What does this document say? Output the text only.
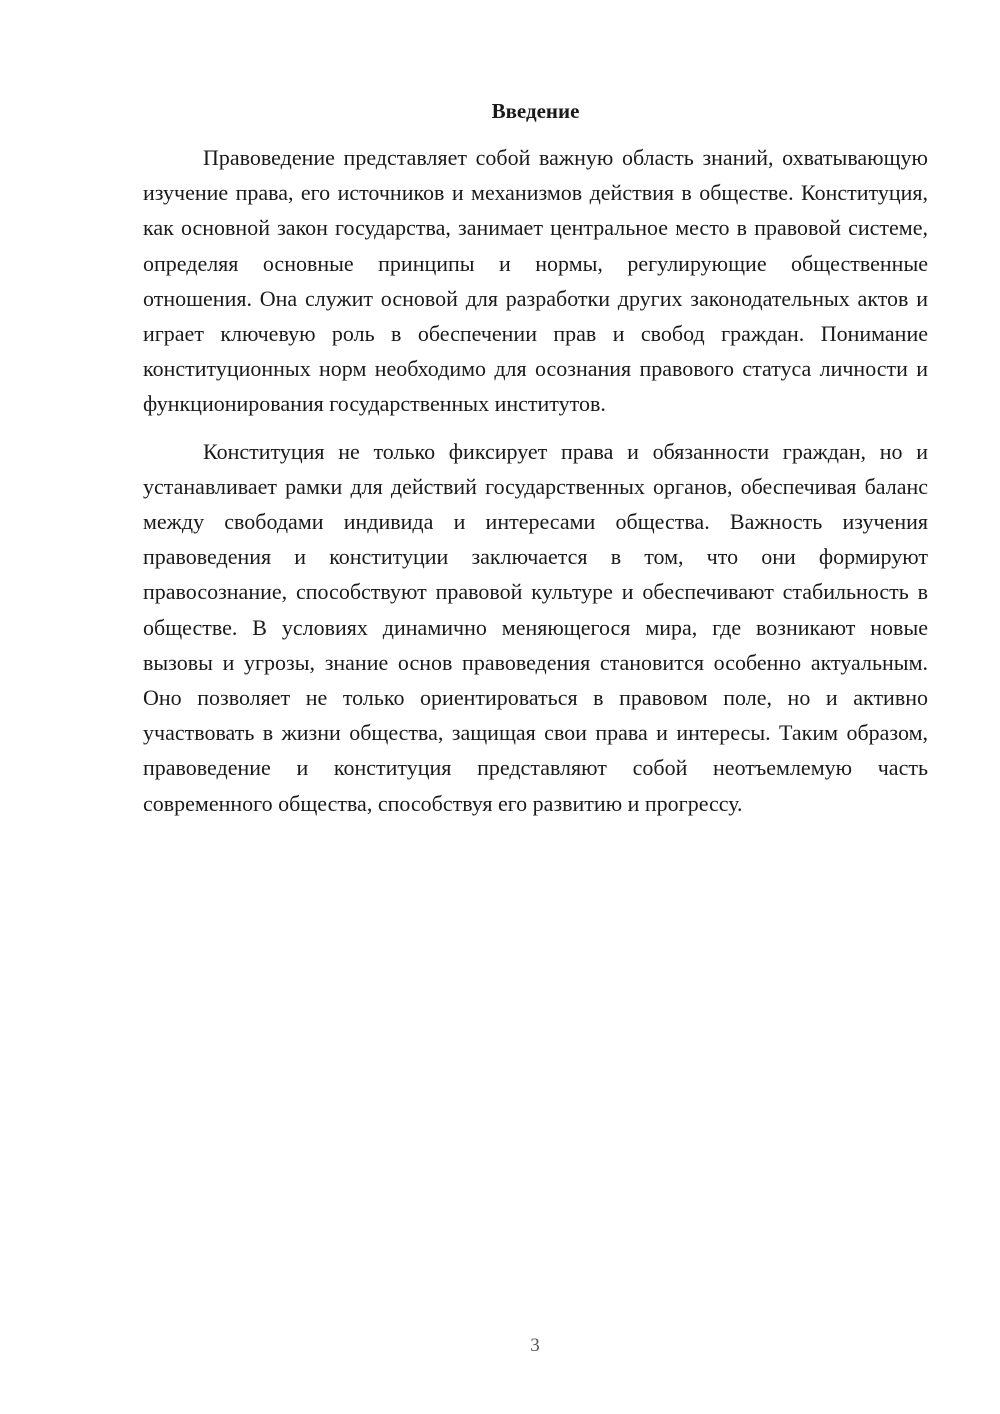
Введение

Правоведение представляет собой важную область знаний, охватывающую изучение права, его источников и механизмов действия в обществе. Конституция, как основной закон государства, занимает центральное место в правовой системе, определяя основные принципы и нормы, регулирующие общественные отношения. Она служит основой для разработки других законодательных актов и играет ключевую роль в обеспечении прав и свобод граждан. Понимание конституционных норм необходимо для осознания правового статуса личности и функционирования государственных институтов.

Конституция не только фиксирует права и обязанности граждан, но и устанавливает рамки для действий государственных органов, обеспечивая баланс между свободами индивида и интересами общества. Важность изучения правоведения и конституции заключается в том, что они формируют правосознание, способствуют правовой культуре и обеспечивают стабильность в обществе. В условиях динамично меняющегося мира, где возникают новые вызовы и угрозы, знание основ правоведения становится особенно актуальным. Оно позволяет не только ориентироваться в правовом поле, но и активно участвовать в жизни общества, защищая свои права и интересы. Таким образом, правоведение и конституция представляют собой неотъемлемую часть современного общества, способствуя его развитию и прогрессу.

3
